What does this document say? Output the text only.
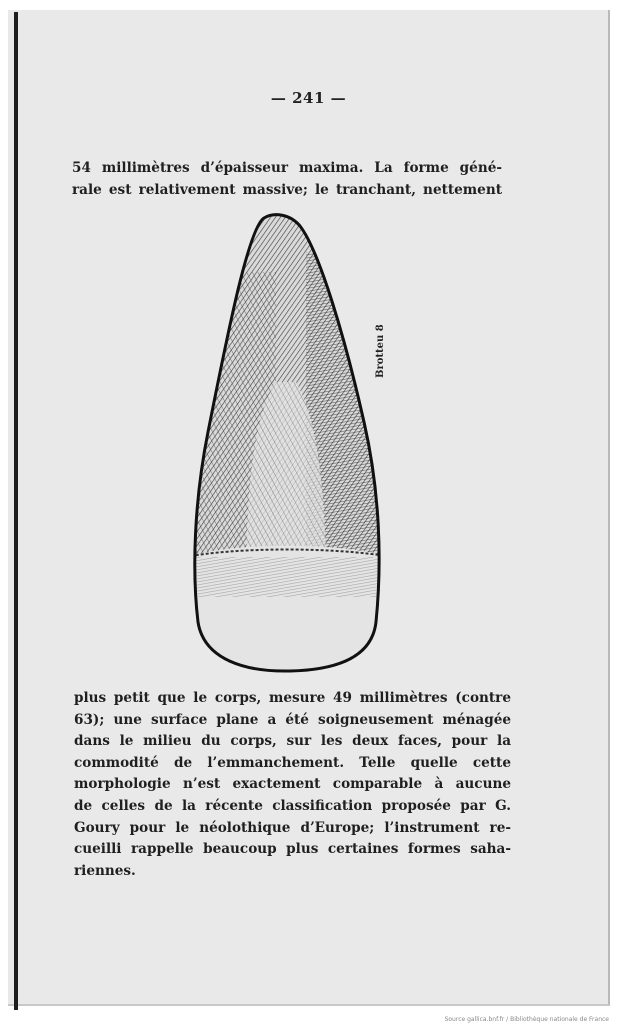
— 241 —

54 millimètres d’épaisseur maxima. La forme géné-
rale est relativement massive; le tranchant, nettement
Brotteu 8
plus petit que le corps, mesure 49 millimètres (contre
63); une surface plane a été soigneusement ménagée
dans le milieu du corps, sur les deux faces, pour la
commodité de l’emmanchement. Telle quelle cette
morphologie n’est exactement comparable à aucune
de celles de la récente classification proposée par G.
Goury pour le néolothique d’Europe; l’instrument re-
cueilli rappelle beaucoup plus certaines formes saha-
riennes.

Source gallica.bnf.fr / Bibliothèque nationale de France
